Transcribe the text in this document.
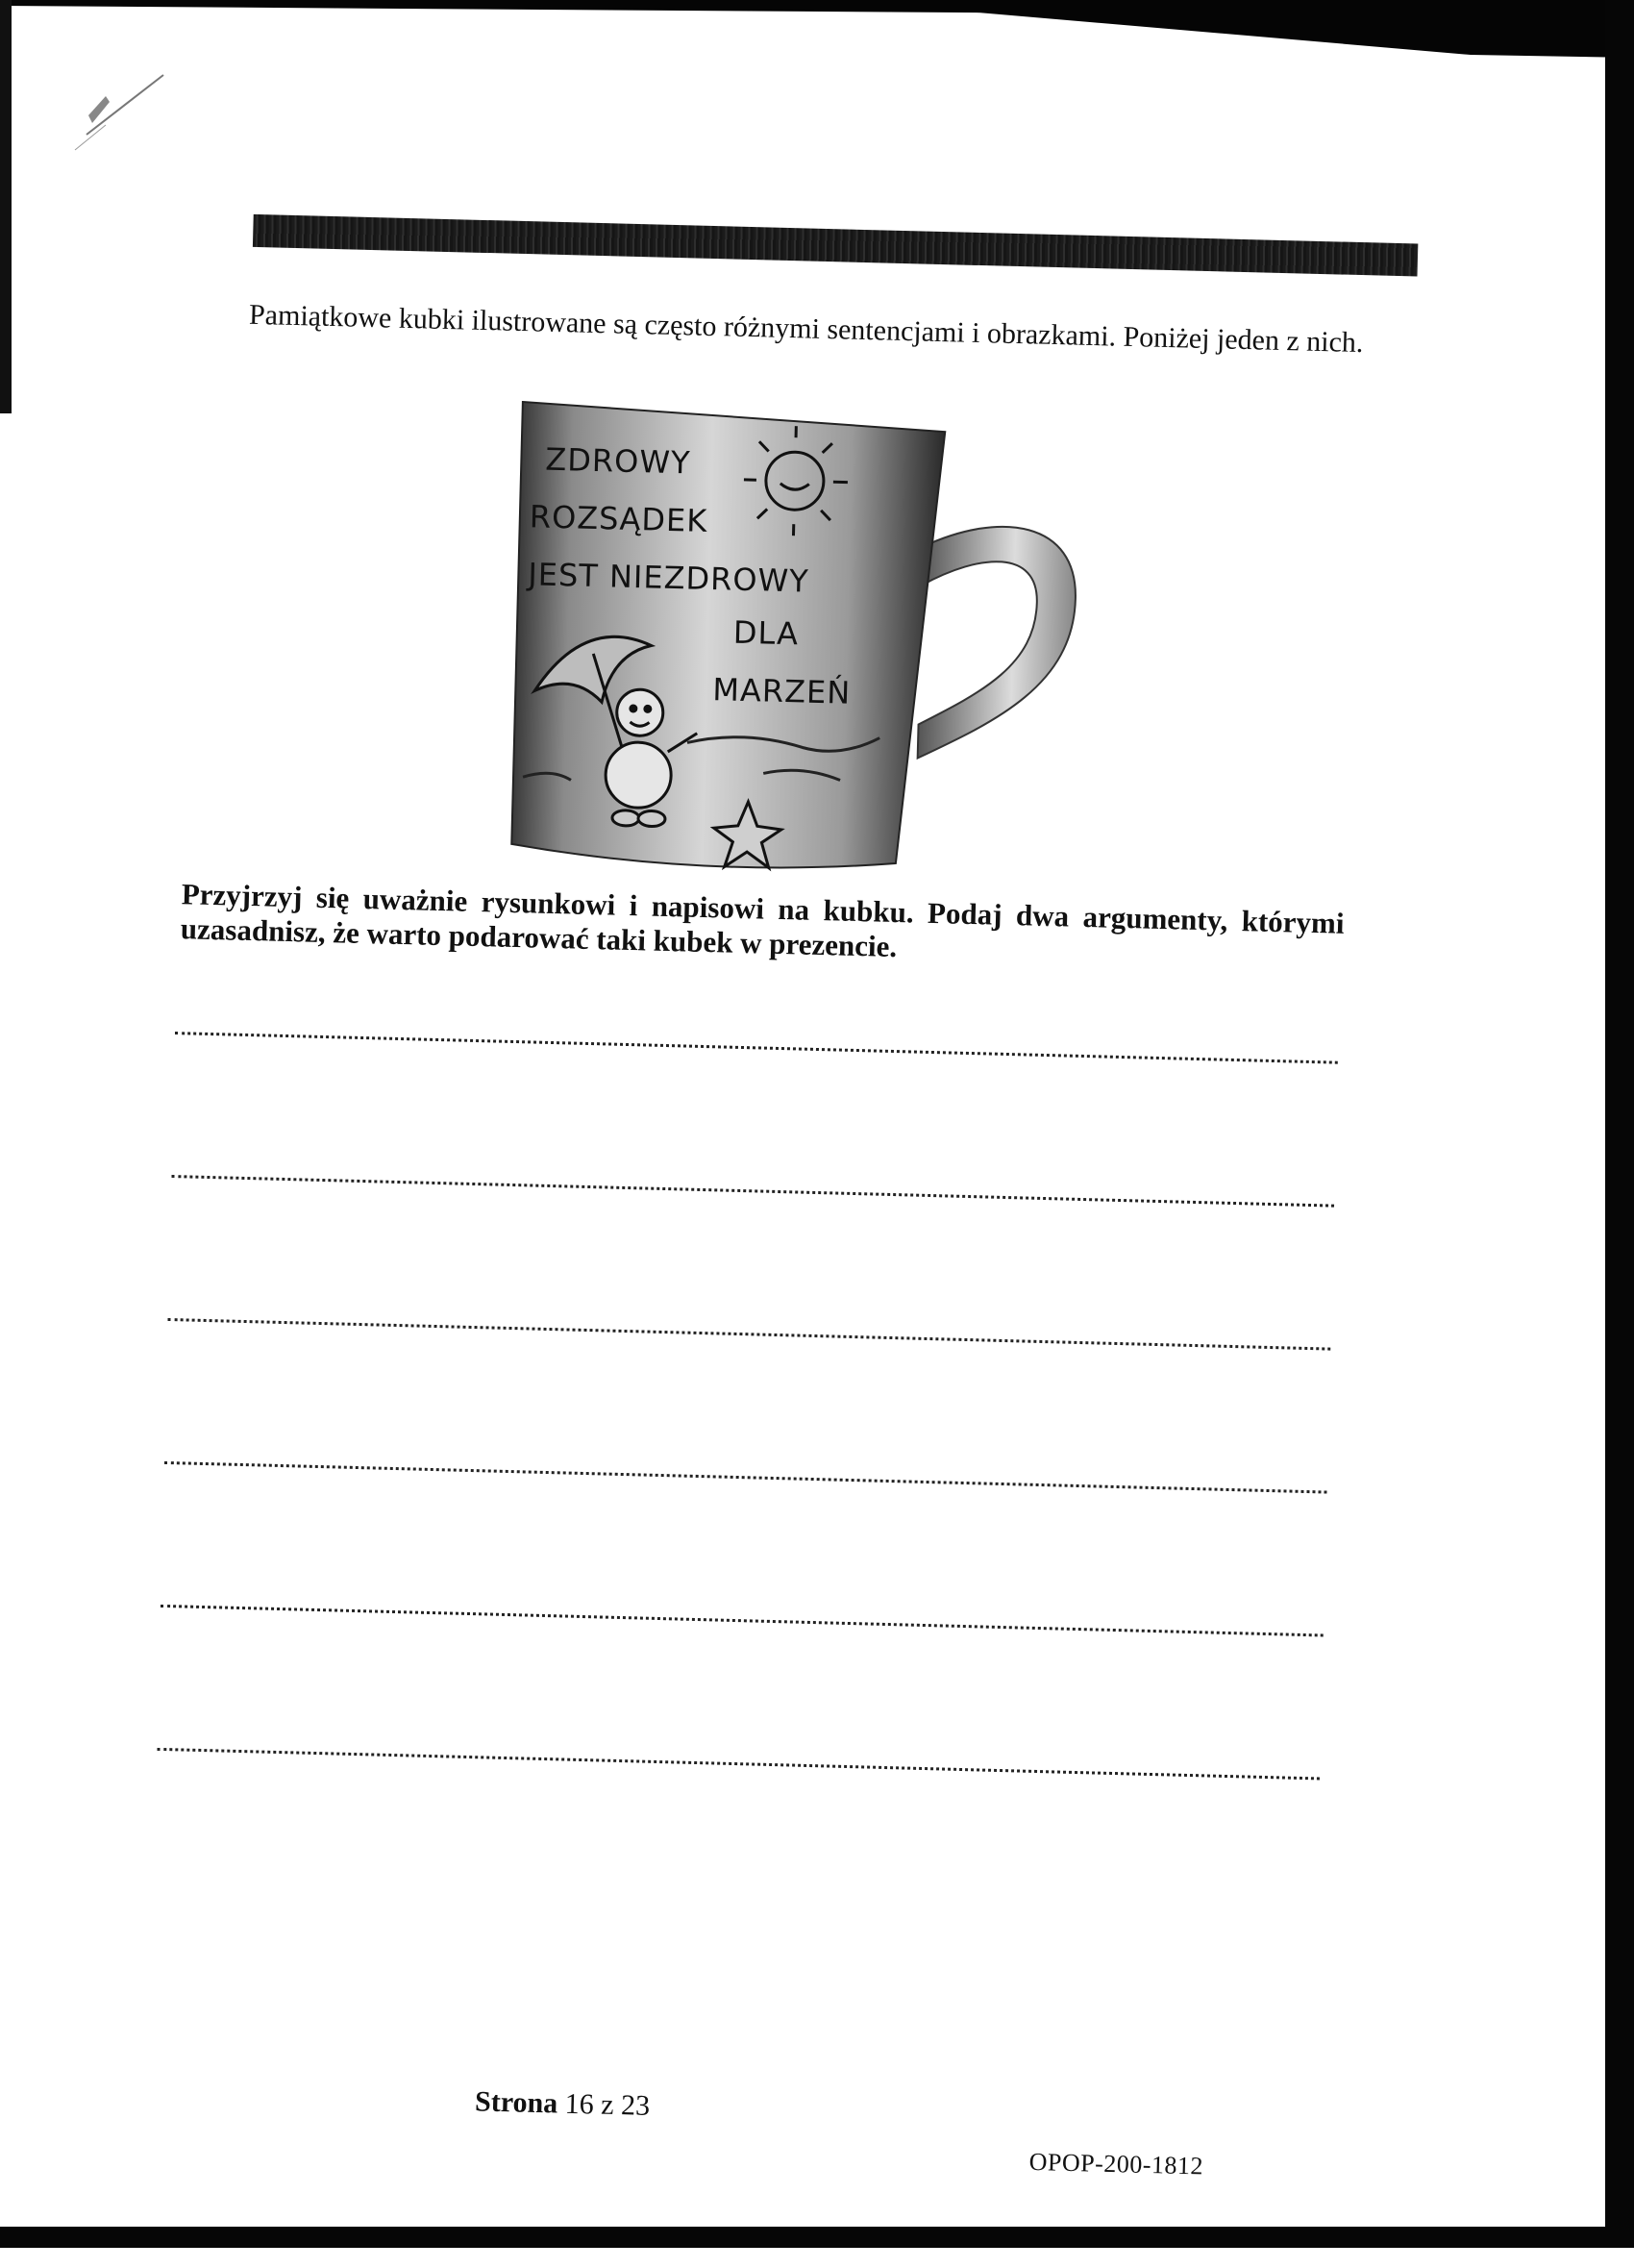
Pamiątkowe kubki ilustrowane są często różnymi sentencjami i obrazkami. Poniżej jeden z nich.

ZDROWY
ROZSĄDEK
JEST NIEZDROWY
DLA
MARZEŃ

Przyjrzyj się uważnie rysunkowi i napisowi na kubku. Podaj dwa argumenty, którymi uzasadnisz, że warto podarować taki kubek w prezencie.

Strona 16 z 23
OPOP-200-1812
